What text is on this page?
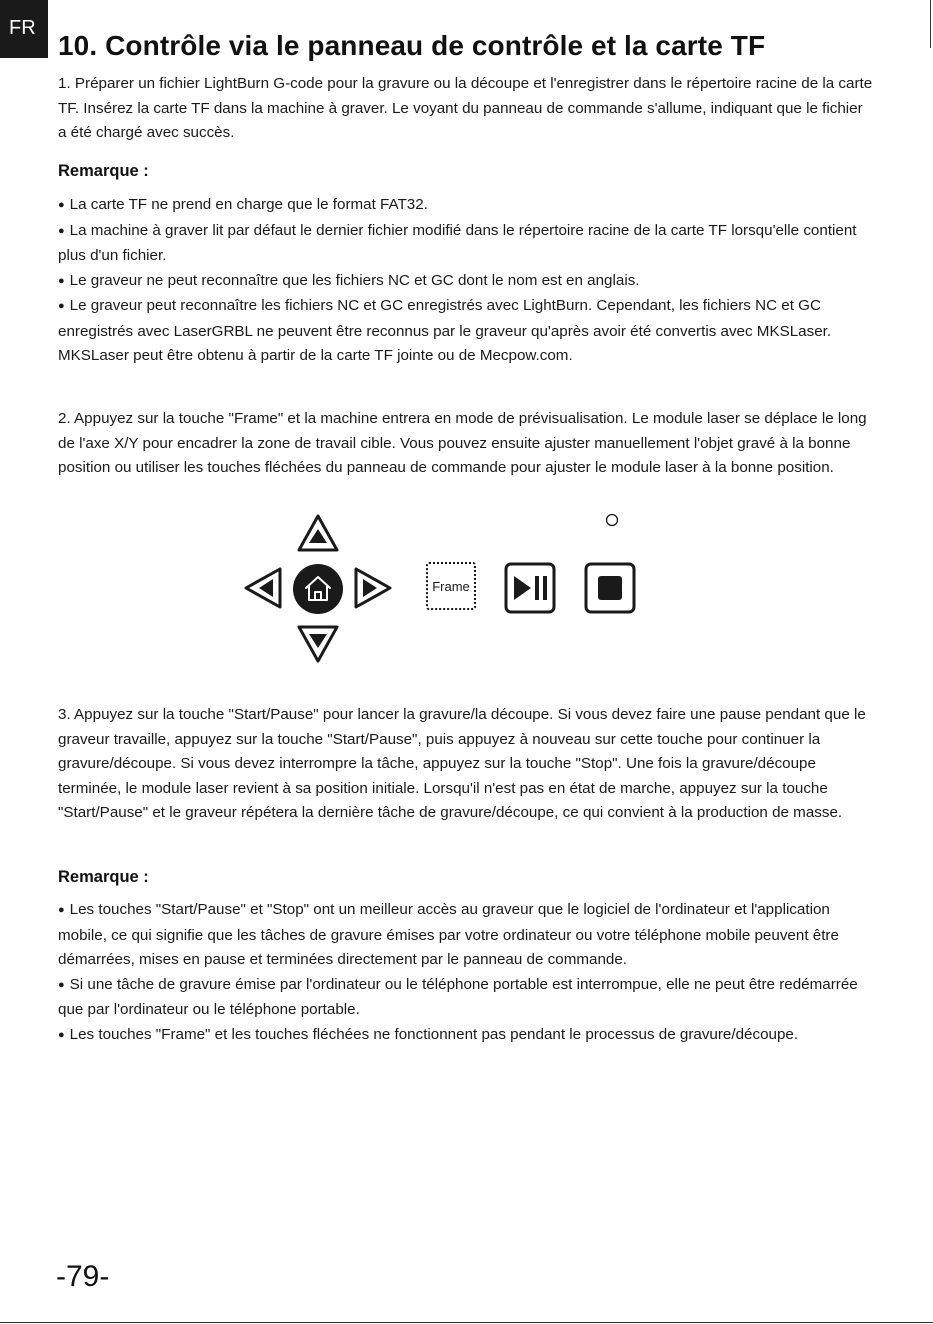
FR
10. Contrôle via le panneau de contrôle et la carte TF

1. Préparer un fichier LightBurn G-code pour la gravure ou la découpe et l'enregistrer dans le répertoire racine de la carte TF. Insérez la carte TF dans la machine à graver. Le voyant du panneau de commande s'allume, indiquant que le fichier a été chargé avec succès.

Remarque :
● La carte TF ne prend en charge que le format FAT32.
● La machine à graver lit par défaut le dernier fichier modifié dans le répertoire racine de la carte TF lorsqu'elle contient plus d'un fichier.
● Le graveur ne peut reconnaître que les fichiers NC et GC dont le nom est en anglais.
● Le graveur peut reconnaître les fichiers NC et GC enregistrés avec LightBurn. Cependant, les fichiers NC et GC enregistrés avec LaserGRBL ne peuvent être reconnus par le graveur qu'après avoir été convertis avec MKSLaser. MKSLaser peut être obtenu à partir de la carte TF jointe ou de Mecpow.com.

2. Appuyez sur la touche "Frame" et la machine entrera en mode de prévisualisation. Le module laser se déplace le long de l'axe X/Y pour encadrer la zone de travail cible. Vous pouvez ensuite ajuster manuellement l'objet gravé à la bonne position ou utiliser les touches fléchées du panneau de commande pour ajuster le module laser à la bonne position.

Frame

3. Appuyez sur la touche "Start/Pause" pour lancer la gravure/la découpe. Si vous devez faire une pause pendant que le graveur travaille, appuyez sur la touche "Start/Pause", puis appuyez à nouveau sur cette touche pour continuer la gravure/découpe. Si vous devez interrompre la tâche, appuyez sur la touche "Stop". Une fois la gravure/découpe terminée, le module laser revient à sa position initiale. Lorsqu'il n'est pas en état de marche, appuyez sur la touche "Start/Pause" et le graveur répétera la dernière tâche de gravure/découpe, ce qui convient à la production de masse.

Remarque :
● Les touches "Start/Pause" et "Stop" ont un meilleur accès au graveur que le logiciel de l'ordinateur et l'application mobile, ce qui signifie que les tâches de gravure émises par votre ordinateur ou votre téléphone mobile peuvent être démarrées, mises en pause et terminées directement par le panneau de commande.
● Si une tâche de gravure émise par l'ordinateur ou le téléphone portable est interrompue, elle ne peut être redémarrée que par l'ordinateur ou le téléphone portable.
● Les touches "Frame" et les touches fléchées ne fonctionnent pas pendant le processus de gravure/découpe.
-79-
